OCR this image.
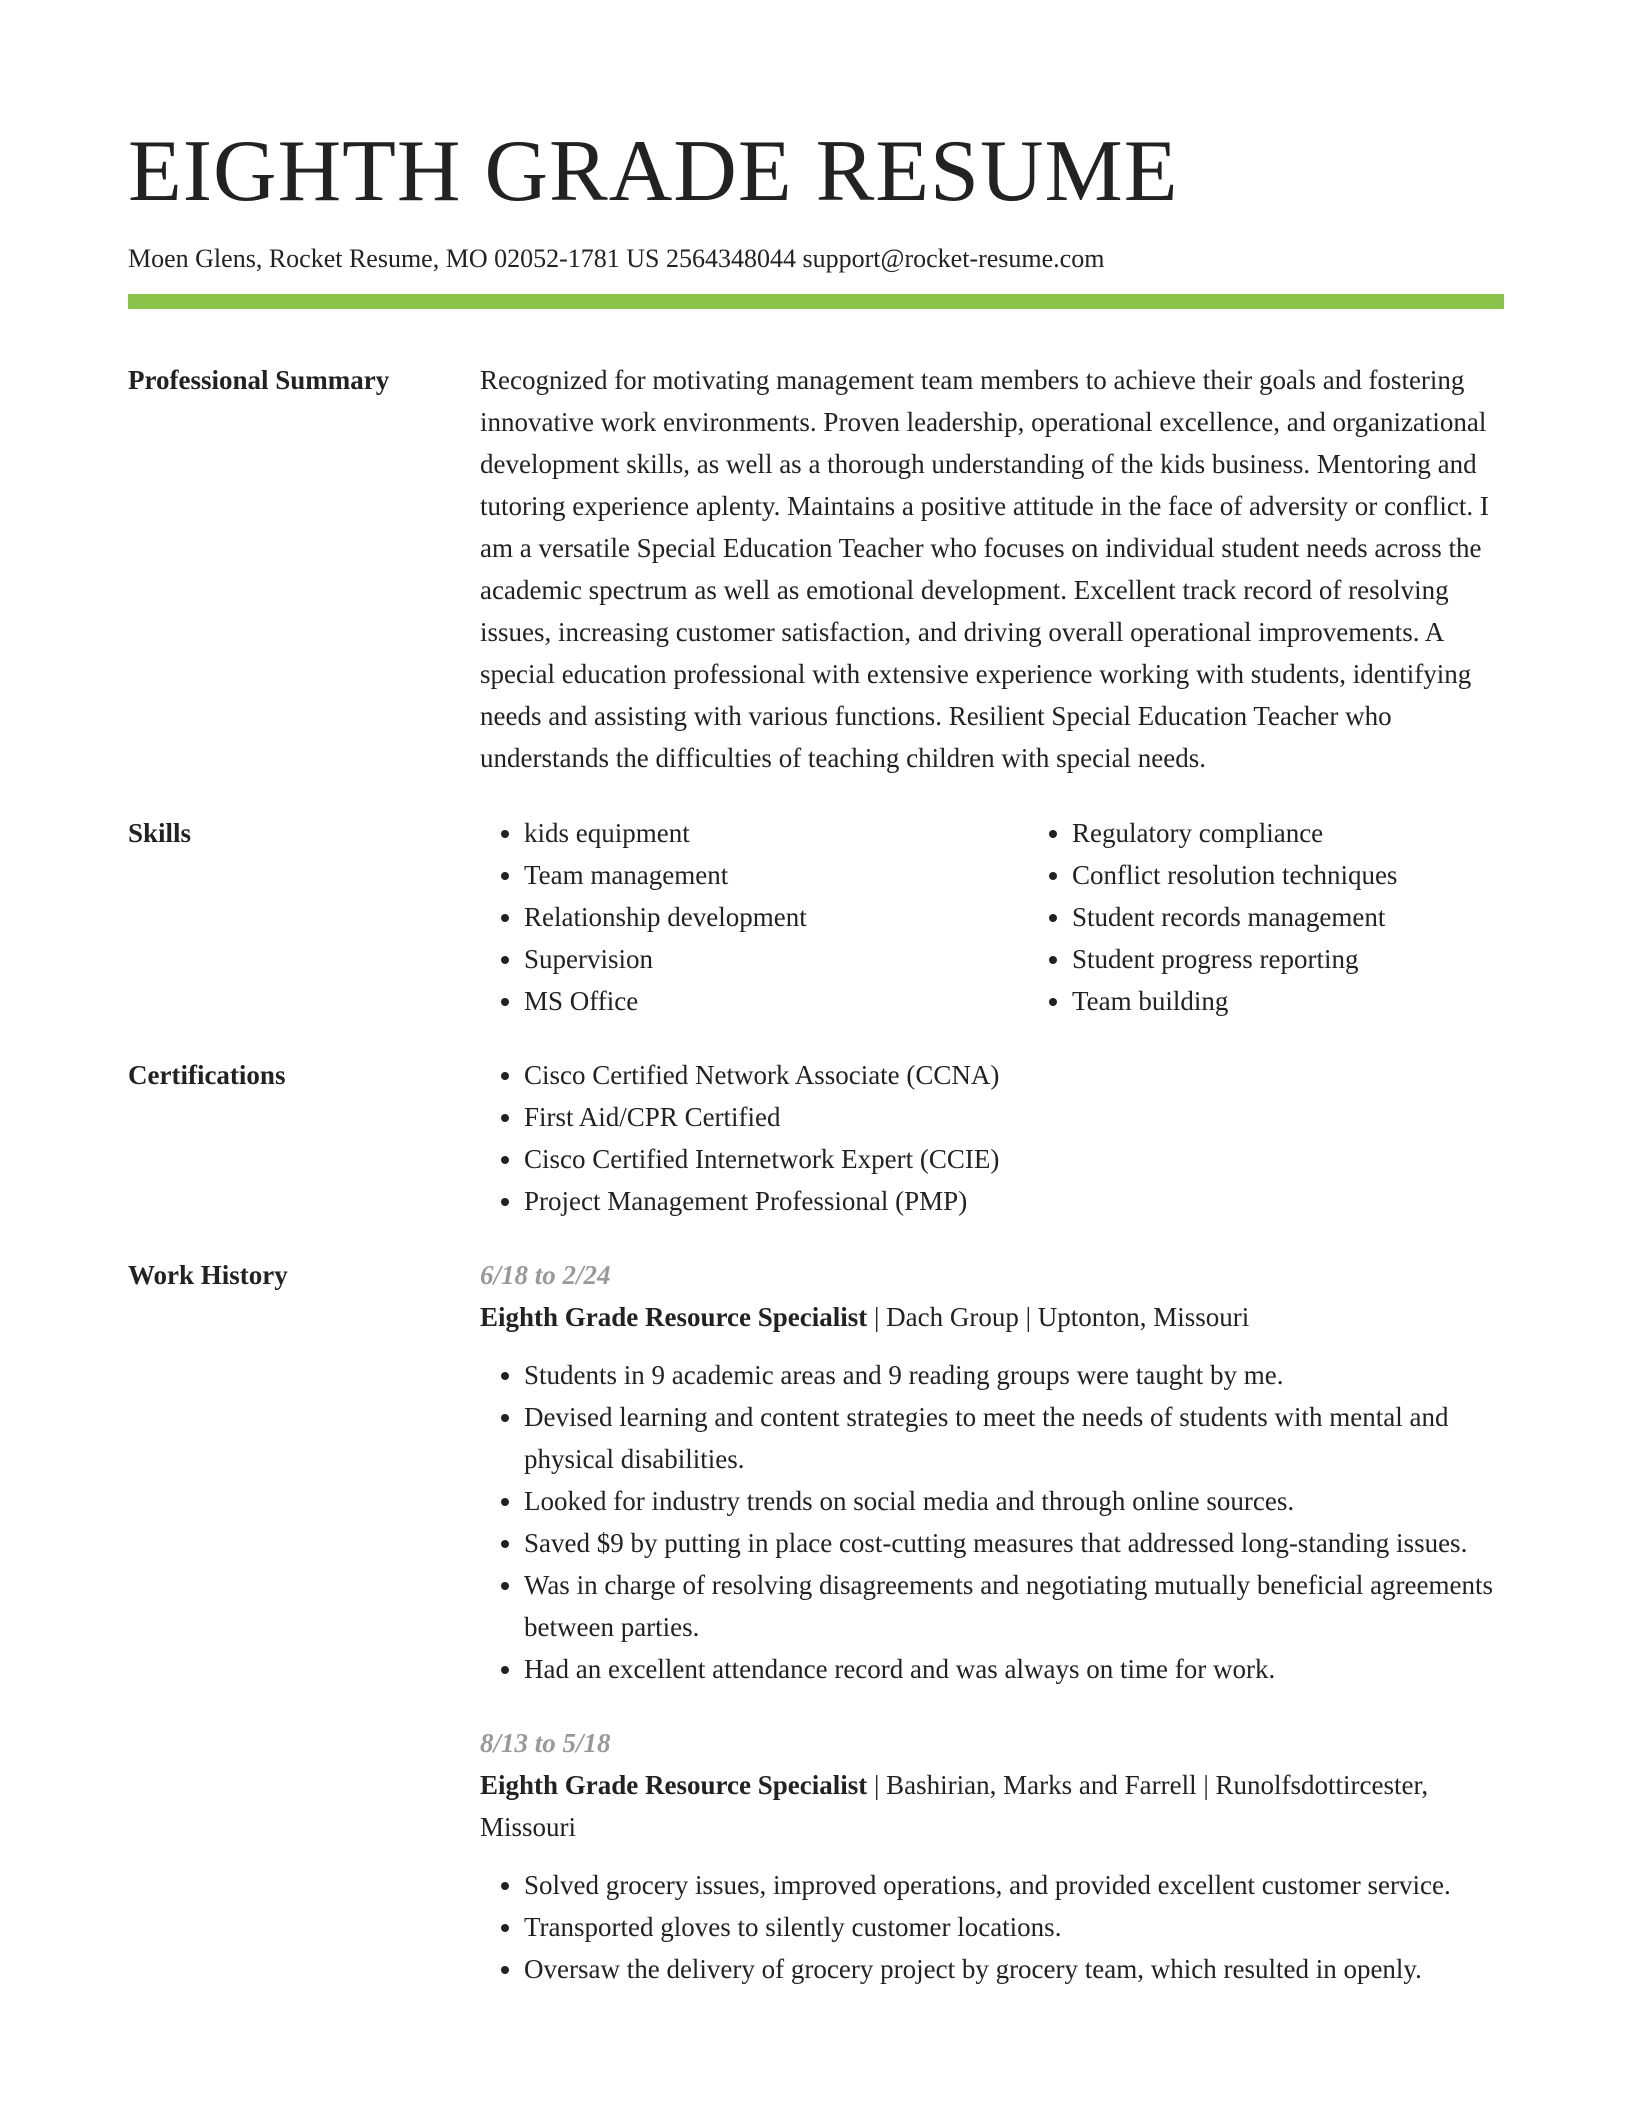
EIGHTH GRADE RESUME
Moen Glens, Rocket Resume, MO 02052-1781 US 2564348044 support@rocket-resume.com
Professional Summary	Recognized for motivating management team members to achieve their goals and fostering innovative work environments. Proven leadership, operational excellence, and organizational development skills, as well as a thorough understanding of the kids business. Mentoring and tutoring experience aplenty. Maintains a positive attitude in the face of adversity or conflict. I am a versatile Special Education Teacher who focuses on individual student needs across the academic spectrum as well as emotional development. Excellent track record of resolving issues, increasing customer satisfaction, and driving overall operational improvements. A special education professional with extensive experience working with students, identifying needs and assisting with various functions. Resilient Special Education Teacher who understands the difficulties of teaching children with special needs.
Skills	• kids equipment
• Team management
• Relationship development
• Supervision
• MS Office
• Regulatory compliance
• Conflict resolution techniques
• Student records management
• Student progress reporting
• Team building
Certifications	• Cisco Certified Network Associate (CCNA)
• First Aid/CPR Certified
• Cisco Certified Internetwork Expert (CCIE)
• Project Management Professional (PMP)
Work History	6/18 to 2/24
Eighth Grade Resource Specialist | Dach Group | Uptonton, Missouri
• Students in 9 academic areas and 9 reading groups were taught by me.
• Devised learning and content strategies to meet the needs of students with mental and physical disabilities.
• Looked for industry trends on social media and through online sources.
• Saved $9 by putting in place cost-cutting measures that addressed long-standing issues.
• Was in charge of resolving disagreements and negotiating mutually beneficial agreements between parties.
• Had an excellent attendance record and was always on time for work.
8/13 to 5/18
Eighth Grade Resource Specialist | Bashirian, Marks and Farrell | Runolfsdottircester, Missouri
• Solved grocery issues, improved operations, and provided excellent customer service.
• Transported gloves to silently customer locations.
• Oversaw the delivery of grocery project by grocery team, which resulted in openly.
